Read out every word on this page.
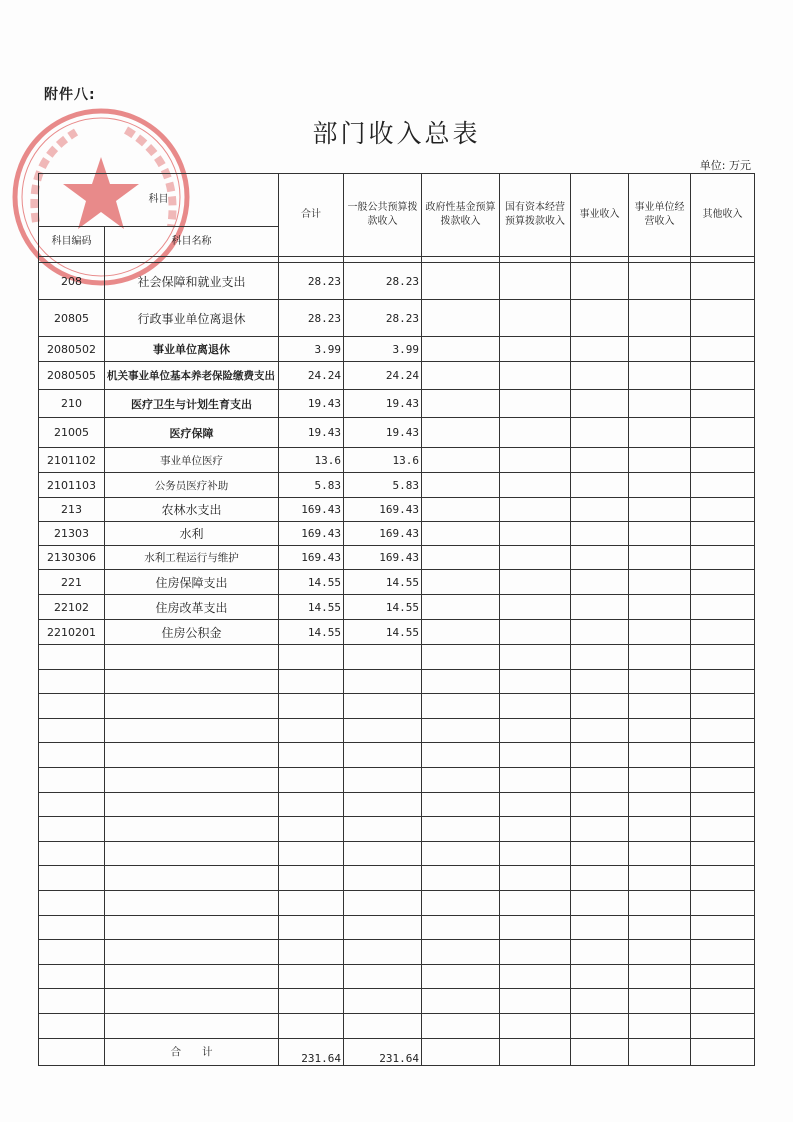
附件八:
部门收入总表
单位: 万元
科目		合计	一般公共预算拨款收入	政府性基金预算拨款收入	国有资本经营预算拨款收入	事业收入	事业单位经营收入	其他收入
科目编码	科目名称							

208	社会保障和就业支出	28.23	28.23					
20805	行政事业单位离退休	28.23	28.23					
2080502	事业单位离退休	3.99	3.99					
2080505	机关事业单位基本养老保险缴费支出	24.24	24.24					
210	医疗卫生与计划生育支出	19.43	19.43					
21005	医疗保障	19.43	19.43					
2101102	事业单位医疗	13.6	13.6					
2101103	公务员医疗补助	5.83	5.83					
213	农林水支出	169.43	169.43					
21303	水利	169.43	169.43					
2130306	水利工程运行与维护	169.43	169.43					
221	住房保障支出	14.55	14.55					
22102	住房改革支出	14.55	14.55					
2210201	住房公积金	14.55	14.55					

	合　　计	231.64	231.64					
